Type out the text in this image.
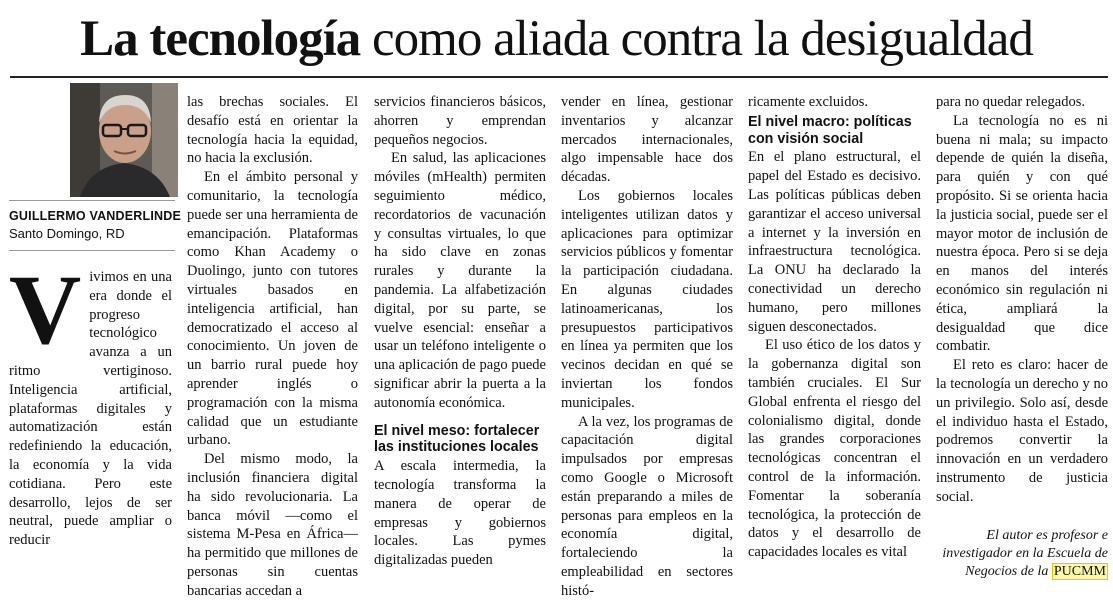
La tecnología como aliada contra la desigualdad
GUILLERMO VANDERLINDE
Santo Domingo, RD

Vivimos en una era donde el progreso tecnológico avanza a un ritmo vertiginoso. Inteligencia artificial, plataformas digitales y automatización están redefiniendo la educación, la economía y la vida cotidiana. Pero este desarrollo, lejos de ser neutral, puede ampliar o reducir

las brechas sociales. El desafío está en orientar la tecnología hacia la equidad, no hacia la exclusión.

En el ámbito personal y comunitario, la tecnología puede ser una herramienta de emancipación. Plataformas como Khan Academy o Duolingo, junto con tutores virtuales basados en inteligencia artificial, han democratizado el acceso al conocimiento. Un joven de un barrio rural puede hoy aprender inglés o programación con la misma calidad que un estudiante urbano.

Del mismo modo, la inclusión financiera digital ha sido revolucionaria. La banca móvil —como el sistema M-Pesa en África— ha permitido que millones de personas sin cuentas bancarias accedan a

servicios financieros básicos, ahorren y emprendan pequeños negocios.

En salud, las aplicaciones móviles (mHealth) permiten seguimiento médico, recordatorios de vacunación y consultas virtuales, lo que ha sido clave en zonas rurales y durante la pandemia. La alfabetización digital, por su parte, se vuelve esencial: enseñar a usar un teléfono inteligente o una aplicación de pago puede significar abrir la puerta a la autonomía económica.

El nivel meso: fortalecer las instituciones locales

A escala intermedia, la tecnología transforma la manera de operar de empresas y gobiernos locales. Las pymes digitalizadas pueden

vender en línea, gestionar inventarios y alcanzar mercados internacionales, algo impensable hace dos décadas.

Los gobiernos locales inteligentes utilizan datos y aplicaciones para optimizar servicios públicos y fomentar la participación ciudadana. En algunas ciudades latinoamericanas, los presupuestos participativos en línea ya permiten que los vecinos decidan en qué se inviertan los fondos municipales.

A la vez, los programas de capacitación digital impulsados por empresas como Google o Microsoft están preparando a miles de personas para empleos en la economía digital, fortaleciendo la empleabilidad en sectores histó-

ricamente excluidos.

El nivel macro: políticas con visión social

En el plano estructural, el papel del Estado es decisivo. Las políticas públicas deben garantizar el acceso universal a internet y la inversión en infraestructura tecnológica. La ONU ha declarado la conectividad un derecho humano, pero millones siguen desconectados.

El uso ético de los datos y la gobernanza digital son también cruciales. El Sur Global enfrenta el riesgo del colonialismo digital, donde las grandes corporaciones tecnológicas concentran el control de la información. Fomentar la soberanía tecnológica, la protección de datos y el desarrollo de capacidades locales es vital

para no quedar relegados.

La tecnología no es ni buena ni mala; su impacto depende de quién la diseña, para quién y con qué propósito. Si se orienta hacia la justicia social, puede ser el mayor motor de inclusión de nuestra época. Pero si se deja en manos del interés económico sin regulación ni ética, ampliará la desigualdad que dice combatir.

El reto es claro: hacer de la tecnología un derecho y no un privilegio. Solo así, desde el individuo hasta el Estado, podremos convertir la innovación en un verdadero instrumento de justicia social.

El autor es profesor e investigador en la Escuela de Negocios de la PUCMM
